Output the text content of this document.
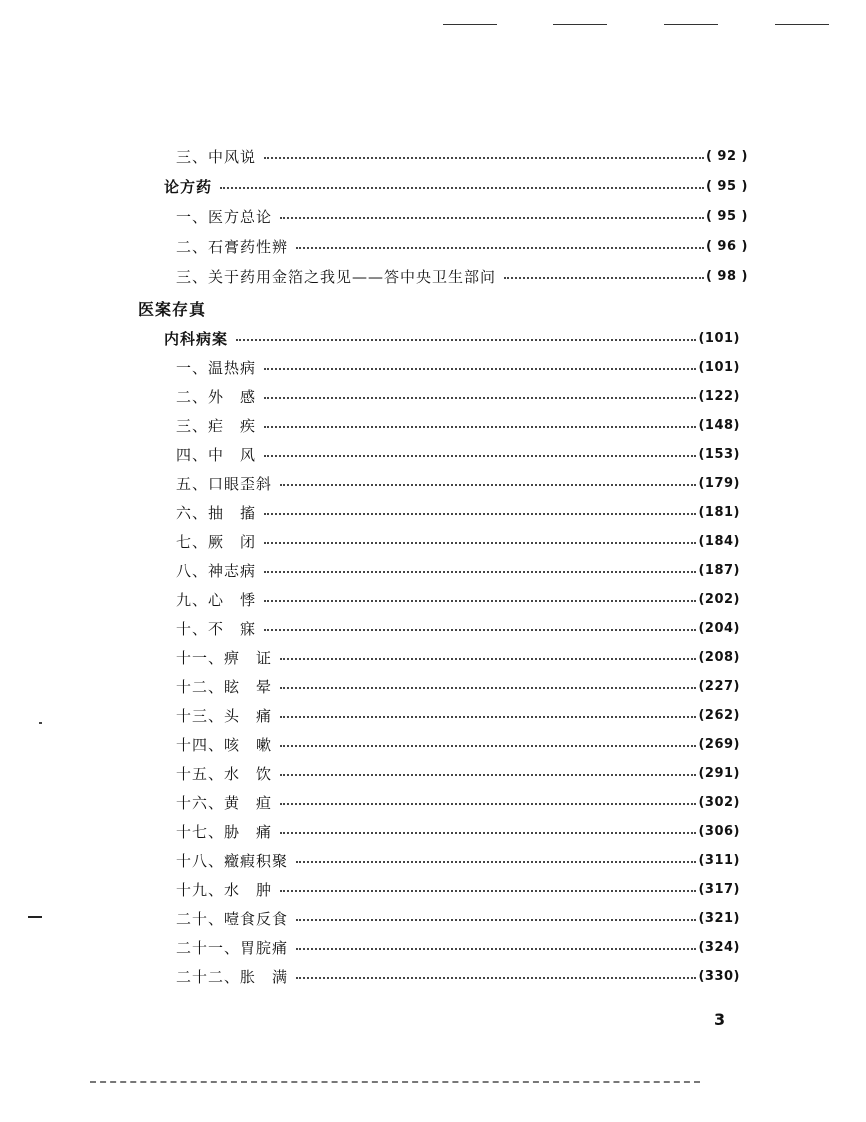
三、中风说	( 92 )
论方药	( 95 )
一、医方总论	( 95 )
二、石膏药性辨	( 96 )
三、关于药用金箔之我见——答中央卫生部问	( 98 )
医案存真
内科病案	(101)
一、温热病	(101)
二、外　感	(122)
三、疟　疾	(148)
四、中　风	(153)
五、口眼歪斜	(179)
六、抽　搐	(181)
七、厥　闭	(184)
八、神志病	(187)
九、心　悸	(202)
十、不　寐	(204)
十一、痹　证	(208)
十二、眩　晕	(227)
十三、头　痛	(262)
十四、咳　嗽	(269)
十五、水　饮	(291)
十六、黄　疸	(302)
十七、胁　痛	(306)
十八、癥瘕积聚	(311)
十九、水　肿	(317)
二十、噎食反食	(321)
二十一、胃脘痛	(324)
二十二、胀　满	(330)
3
